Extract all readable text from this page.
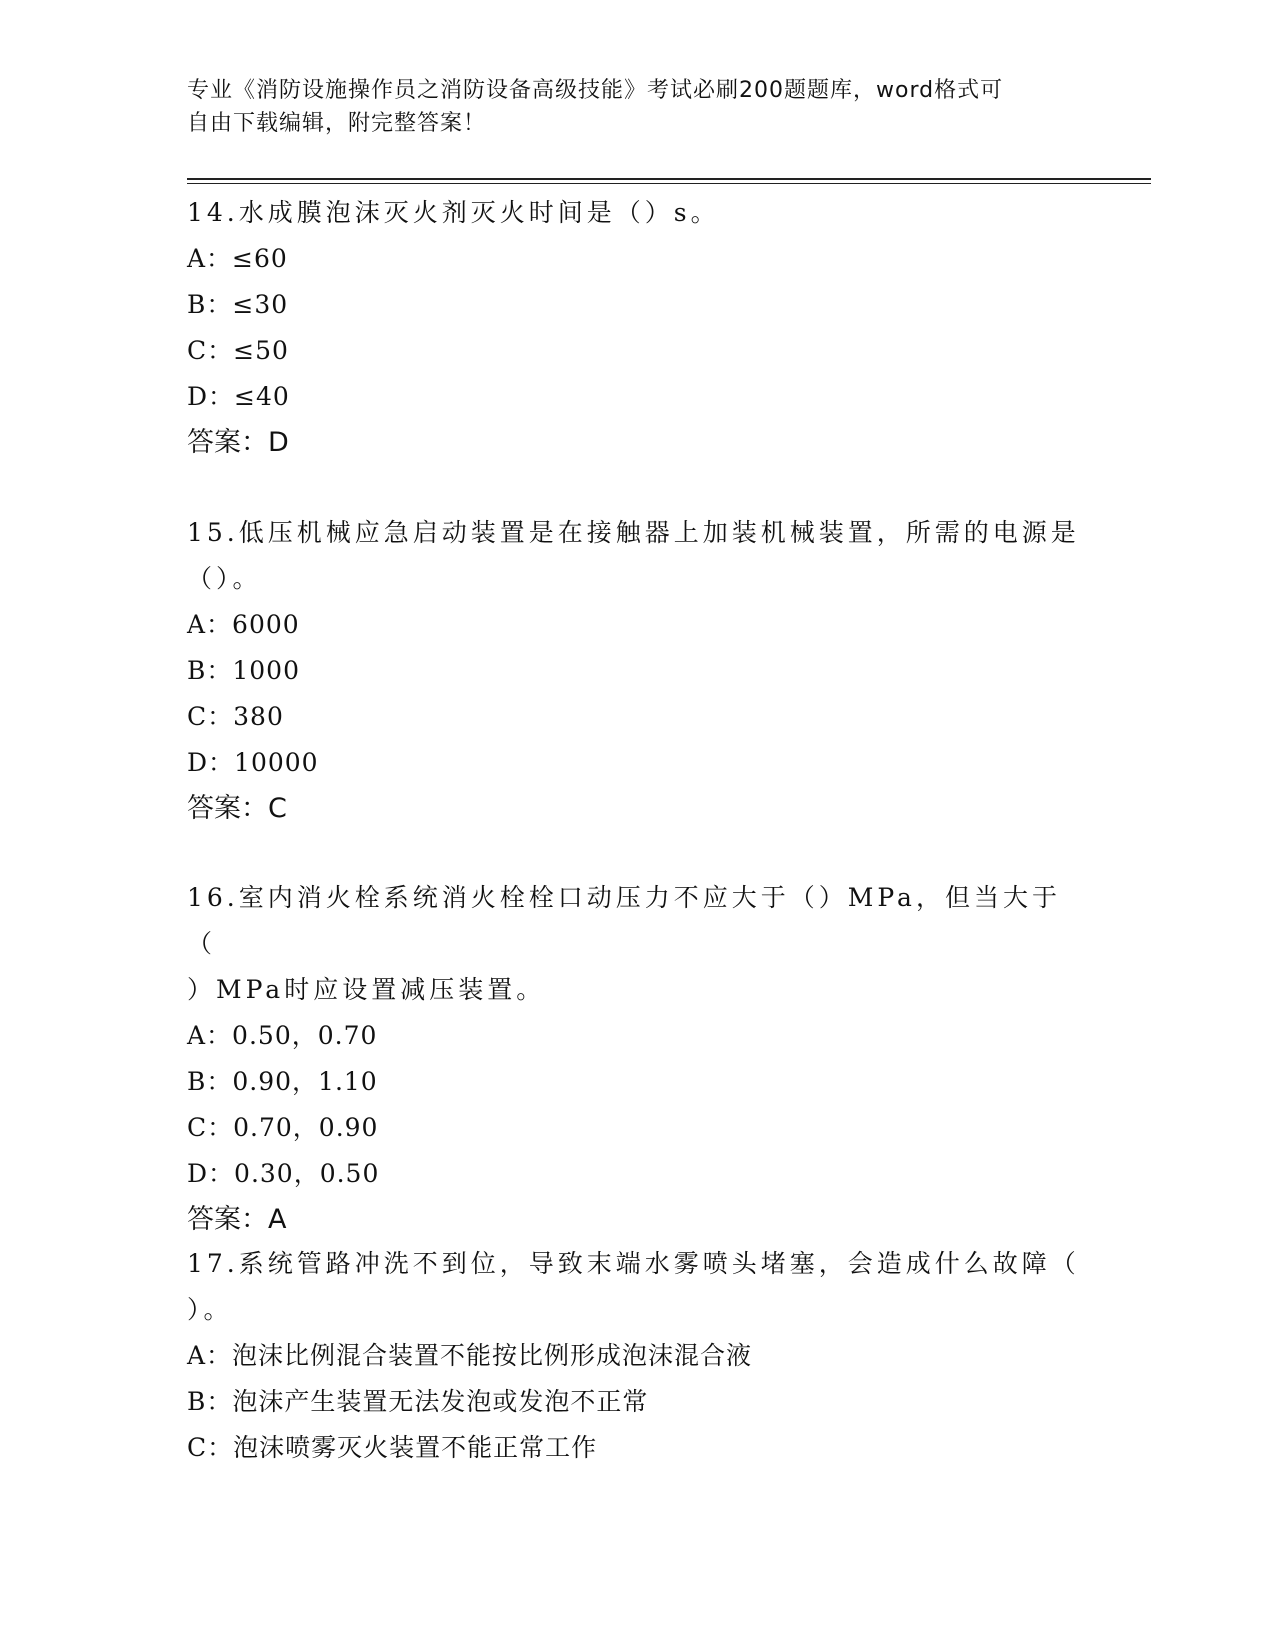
专业《消防设施操作员之消防设备高级技能》考试必刷200题题库，word格式可
自由下载编辑，附完整答案！

14.水成膜泡沫灭火剂灭火时间是（）s。

A：≤60

B：≤30

C：≤50

D：≤40

答案：D

15.低压机械应急启动装置是在接触器上加装机械装置，所需的电源是

（）。

A：6000

B：1000

C：380

D：10000

答案：C

16.室内消火栓系统消火栓栓口动压力不应大于（）MPa，但当大于（

）MPa时应设置减压装置。

A：0.50，0.70

B：0.90，1.10

C：0.70，0.90

D：0.30，0.50

答案：A

17.系统管路冲洗不到位，导致末端水雾喷头堵塞，会造成什么故障（

）。

A：泡沫比例混合装置不能按比例形成泡沫混合液

B：泡沫产生装置无法发泡或发泡不正常

C：泡沫喷雾灭火装置不能正常工作
